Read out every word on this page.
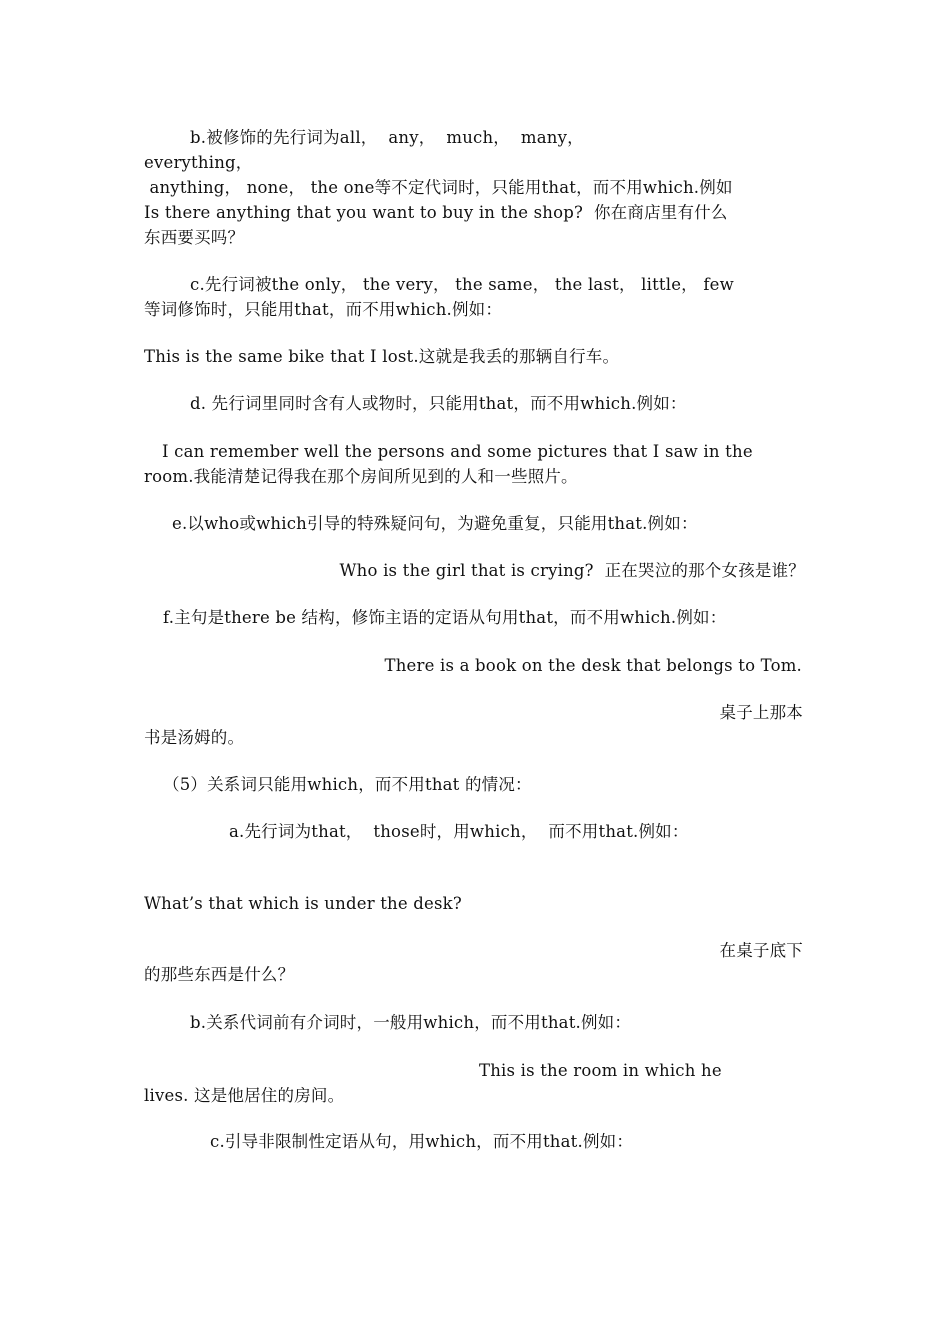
b.被修饰的先行词为all，  any，  much，  many，
everything，
anything， none， the one等不定代词时，只能用that，而不用which.例如
Is there anything that you want to buy in the shop?  你在商店里有什么
东西要买吗？
c.先行词被the only， the very， the same， the last， little， few
等词修饰时，只能用that，而不用which.例如：
This is the same bike that I lost.这就是我丢的那辆自行车。
d. 先行词里同时含有人或物时，只能用that，而不用which.例如：
I can remember well the persons and some pictures that I saw in the
room.我能清楚记得我在那个房间所见到的人和一些照片。
e.以who或which引导的特殊疑问句，为避免重复，只能用that.例如：
Who is the girl that is crying?  正在哭泣的那个女孩是谁？
f.主句是there be 结构，修饰主语的定语从句用that，而不用which.例如：
There is a book on the desk that belongs to Tom.
桌子上那本
书是汤姆的。
（5）关系词只能用which，而不用that 的情况：
a.先行词为that，  those时，用which，  而不用that.例如：
What’s that which is under the desk?
在桌子底下
的那些东西是什么？
b.关系代词前有介词时，一般用which，而不用that.例如：
This is the room in which he
lives. 这是他居住的房间。
c.引导非限制性定语从句，用which，而不用that.例如：
